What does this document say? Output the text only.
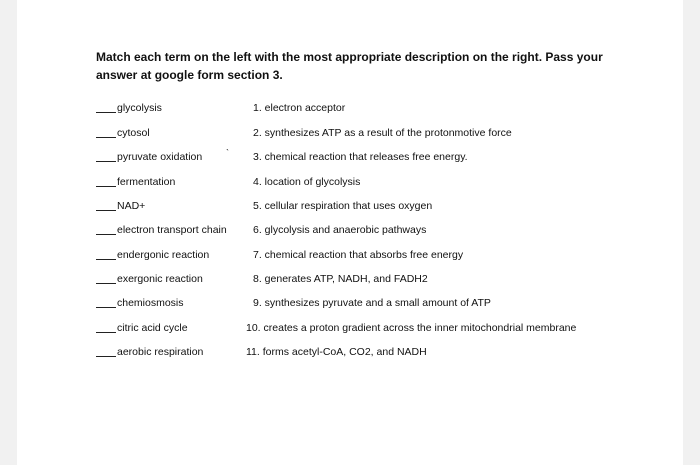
Match each term on the left with the most appropriate description on the right. Pass your answer at google form section 3.
glycolysis	1. electron acceptor
cytosol	2. synthesizes ATP as a result of the protonmotive force
pyruvate oxidation	` 3. chemical reaction that releases free energy.
fermentation	4. location of glycolysis
NAD+	5. cellular respiration that uses oxygen
electron transport chain	6. glycolysis and anaerobic pathways
endergonic reaction	7. chemical reaction that absorbs free energy
exergonic reaction	8. generates ATP, NADH, and FADH2
chemiosmosis	9. synthesizes pyruvate and a small amount of ATP
citric acid cycle	10. creates a proton gradient across the inner mitochondrial membrane
aerobic respiration	11. forms acetyl-CoA, CO2, and NADH
